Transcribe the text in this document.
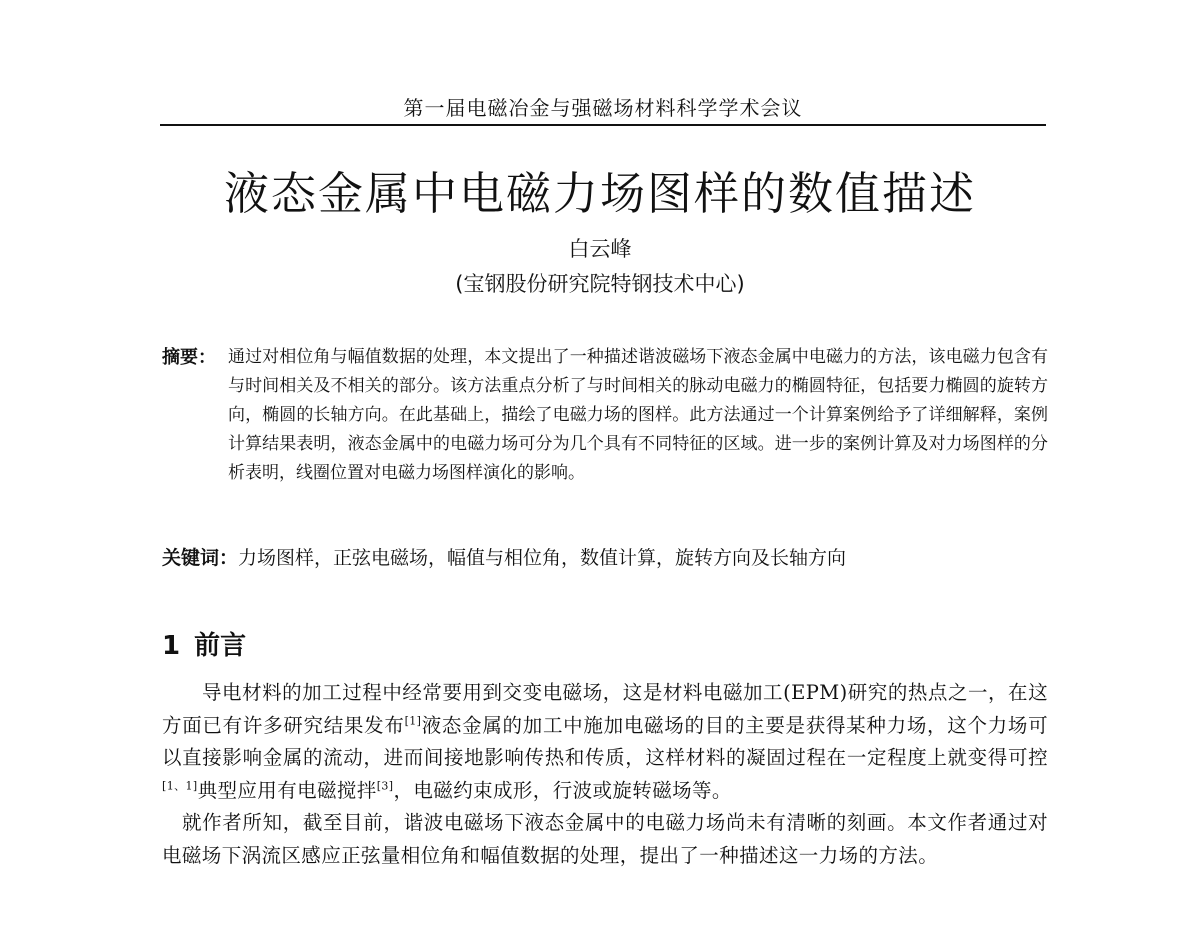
第一届电磁冶金与强磁场材料科学学术会议
液态金属中电磁力场图样的数值描述
白云峰
(宝钢股份研究院特钢技术中心)
摘要： 通过对相位角与幅值数据的处理，本文提出了一种描述谐波磁场下液态金属中电磁力的方法，该电磁力包含有与时间相关及不相关的部分。该方法重点分析了与时间相关的脉动电磁力的椭圆特征，包括要力椭圆的旋转方向，椭圆的长轴方向。在此基础上，描绘了电磁力场的图样。此方法通过一个计算案例给予了详细解释，案例计算结果表明，液态金属中的电磁力场可分为几个具有不同特征的区域。进一步的案例计算及对力场图样的分析表明，线圈位置对电磁力场图样演化的影响。
关键词：力场图样，正弦电磁场，幅值与相位角，数值计算，旋转方向及长轴方向
1 前言
导电材料的加工过程中经常要用到交变电磁场，这是材料电磁加工(EPM)研究的热点之一，在这方面已有许多研究结果发布[1]液态金属的加工中施加电磁场的目的主要是获得某种力场，这个力场可以直接影响金属的流动，进而间接地影响传热和传质，这样材料的凝固过程在一定程度上就变得可控[1、1]典型应用有电磁搅拌[3]，电磁约束成形，行波或旋转磁场等。
就作者所知，截至目前，谐波电磁场下液态金属中的电磁力场尚未有清晰的刻画。本文作者通过对电磁场下涡流区感应正弦量相位角和幅值数据的处理，提出了一种描述这一力场的方法。
